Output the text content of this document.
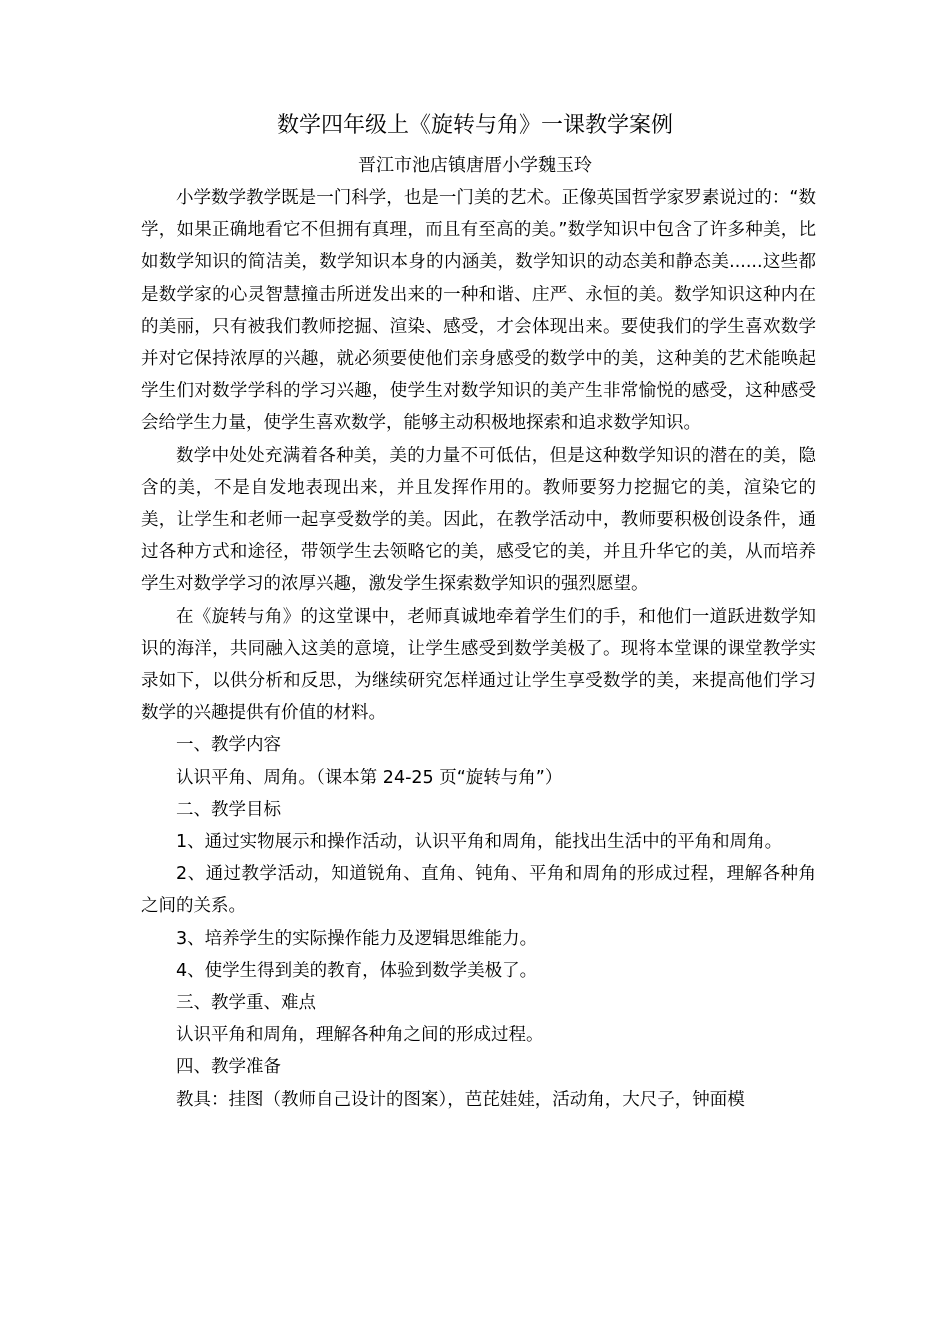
数学四年级上《旋转与角》一课教学案例
晋江市池店镇唐厝小学魏玉玲

小学数学教学既是一门科学，也是一门美的艺术。正像英国哲学家罗素说过的：“数学，如果正确地看它不但拥有真理，而且有至高的美。”数学知识中包含了许多种美，比如数学知识的简洁美，数学知识本身的内涵美，数学知识的动态美和静态美......这些都是数学家的心灵智慧撞击所迸发出来的一种和谐、庄严、永恒的美。数学知识这种内在的美丽，只有被我们教师挖掘、渲染、感受，才会体现出来。要使我们的学生喜欢数学并对它保持浓厚的兴趣，就必须要使他们亲身感受的数学中的美，这种美的艺术能唤起学生们对数学学科的学习兴趣，使学生对数学知识的美产生非常愉悦的感受，这种感受会给学生力量，使学生喜欢数学，能够主动积极地探索和追求数学知识。

数学中处处充满着各种美，美的力量不可低估，但是这种数学知识的潜在的美，隐含的美，不是自发地表现出来，并且发挥作用的。教师要努力挖掘它的美，渲染它的美，让学生和老师一起享受数学的美。因此，在教学活动中，教师要积极创设条件，通过各种方式和途径，带领学生去领略它的美，感受它的美，并且升华它的美，从而培养学生对数学学习的浓厚兴趣，激发学生探索数学知识的强烈愿望。

在《旋转与角》的这堂课中，老师真诚地牵着学生们的手，和他们一道跃进数学知识的海洋，共同融入这美的意境，让学生感受到数学美极了。现将本堂课的课堂教学实录如下，以供分析和反思，为继续研究怎样通过让学生享受数学的美，来提高他们学习数学的兴趣提供有价值的材料。

一、教学内容

认识平角、周角。（课本第 24-25 页“旋转与角”）

二、教学目标

1、通过实物展示和操作活动，认识平角和周角，能找出生活中的平角和周角。

2、通过教学活动，知道锐角、直角、钝角、平角和周角的形成过程，理解各种角之间的关系。

3、培养学生的实际操作能力及逻辑思维能力。

4、使学生得到美的教育，体验到数学美极了。

三、教学重、难点

认识平角和周角，理解各种角之间的形成过程。

四、教学准备

教具：挂图（教师自己设计的图案），芭芘娃娃，活动角，大尺子，钟面模
